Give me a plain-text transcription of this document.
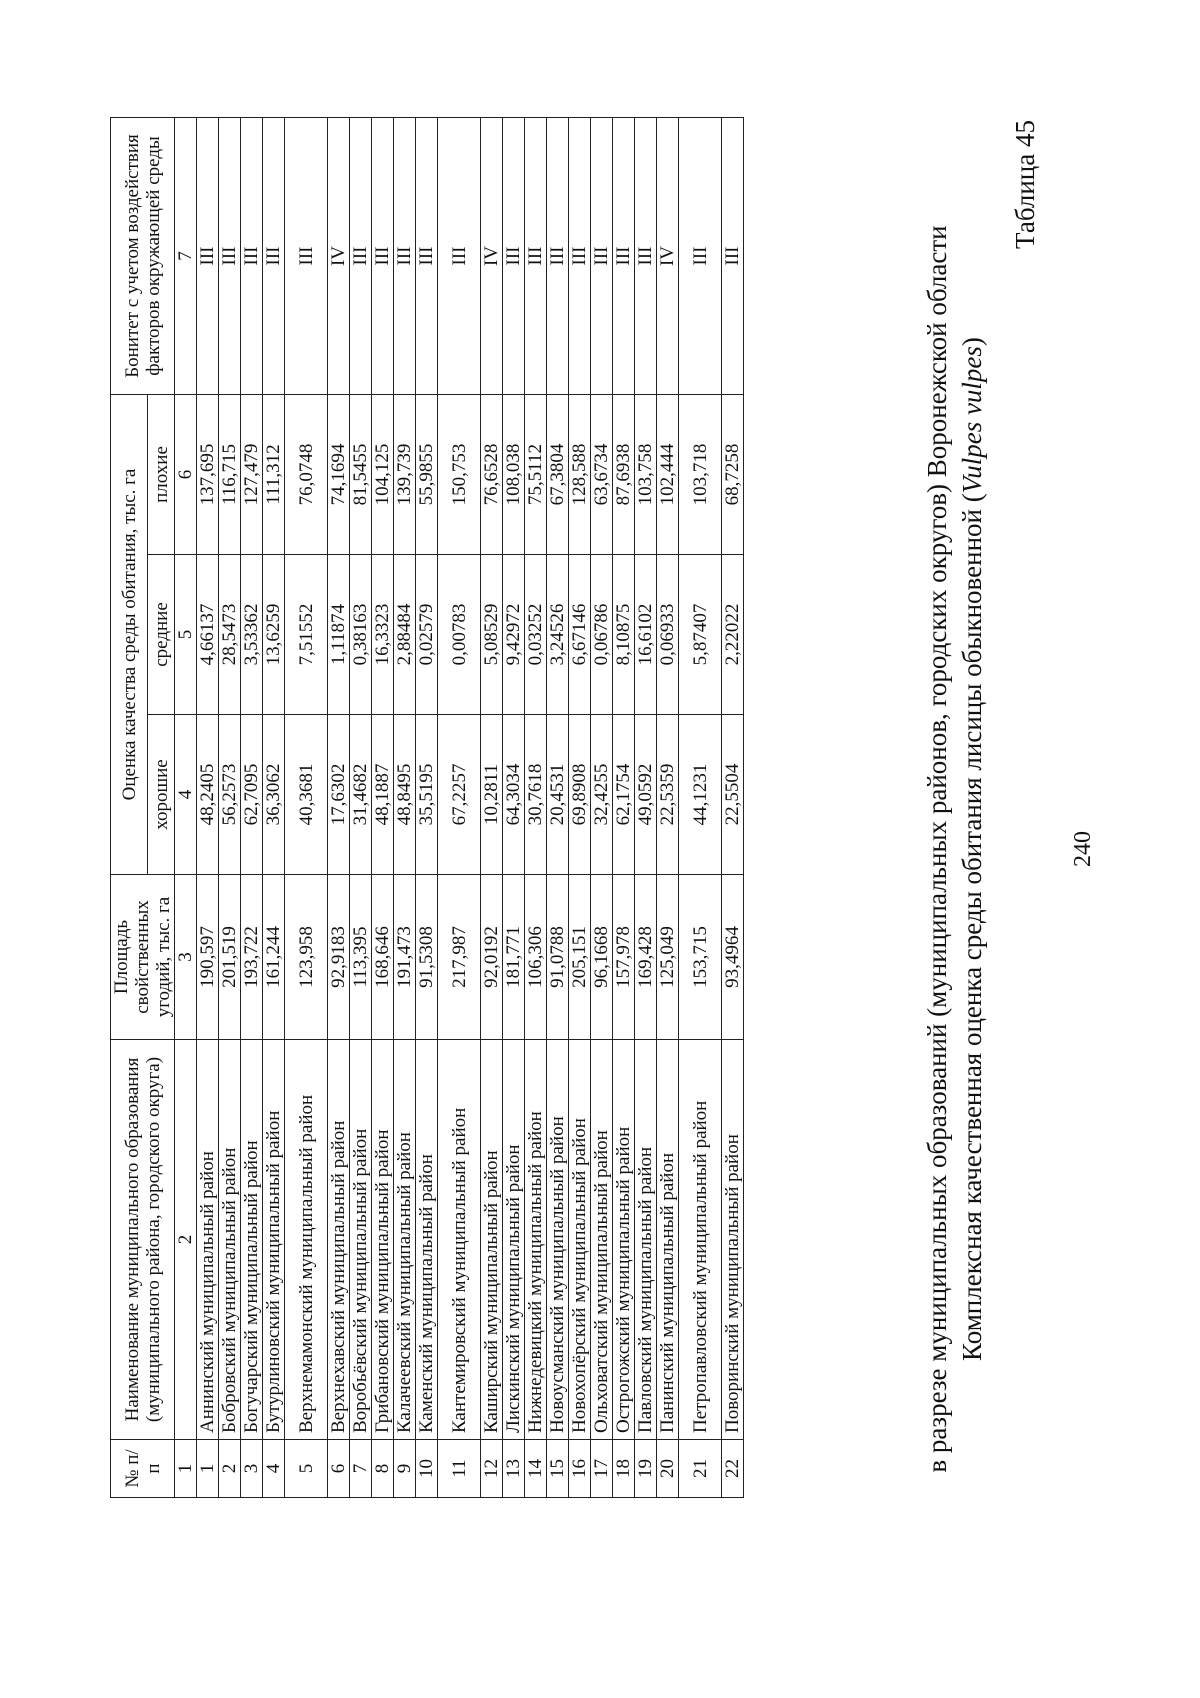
240
Таблица 45
Комплексная качественная оценка среды обитания лисицы обыкновенной (Vulpes vulpes)
в разрезе муниципальных образований (муниципальных районов, городских округов) Воронежской области
№ п/п	Наименование муниципального образования (муниципального района, городского округа)	Площадь свойственных угодий, тыс. га	Оценка качества среды обитания, тыс. га			Бонитет с учетом воздействия факторов окружающей среды
			хорошие	средние	плохие	
1	2	3	4	5	6	7
1	Аннинский муниципальный район	190,597	48,2405	4,66137	137,695	III
2	Бобровский муниципальный район	201,519	56,2573	28,5473	116,715	III
3	Богучарский муниципальный район	193,722	62,7095	3,53362	127,479	III
4	Бутурлиновский муниципальный район	161,244	36,3062	13,6259	111,312	III
5	Верхнемамонский муниципальный район	123,958	40,3681	7,51552	76,0748	III
6	Верхнехавский муниципальный район	92,9183	17,6302	1,11874	74,1694	IV
7	Воробьёвский муниципальный район	113,395	31,4682	0,38163	81,5455	III
8	Грибановский муниципальный район	168,646	48,1887	16,3323	104,125	III
9	Калачеевский муниципальный район	191,473	48,8495	2,88484	139,739	III
10	Каменский муниципальный район	91,5308	35,5195	0,02579	55,9855	III
11	Кантемировский муниципальный район	217,987	67,2257	0,00783	150,753	III
12	Каширский муниципальный район	92,0192	10,2811	5,08529	76,6528	IV
13	Лискинский муниципальный район	181,771	64,3034	9,42972	108,038	III
14	Нижнедевицкий муниципальный район	106,306	30,7618	0,03252	75,5112	III
15	Новоусманский муниципальный район	91,0788	20,4531	3,24526	67,3804	III
16	Новохопёрский муниципальный район	205,151	69,8908	6,67146	128,588	III
17	Ольховатский муниципальный район	96,1668	32,4255	0,06786	63,6734	III
18	Острогожский муниципальный район	157,978	62,1754	8,10875	87,6938	III
19	Павловский муниципальный район	169,428	49,0592	16,6102	103,758	III
20	Панинский муниципальный район	125,049	22,5359	0,06933	102,444	IV
21	Петропавловский муниципальный район	153,715	44,1231	5,87407	103,718	III
22	Поворинский муниципальный район	93,4964	22,5504	2,22022	68,7258	III
